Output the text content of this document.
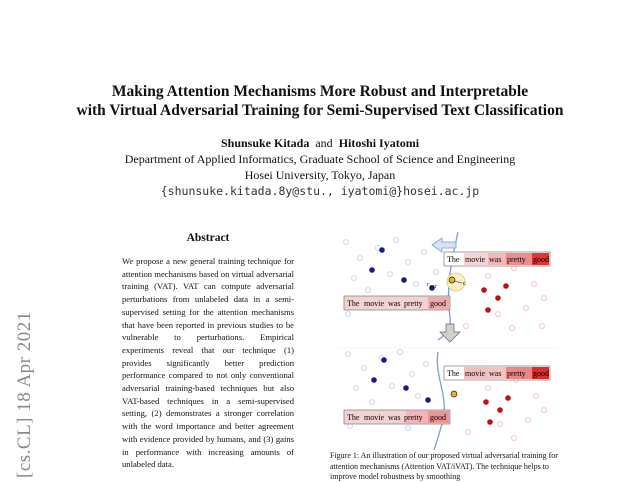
Making Attention Mechanisms More Robust and Interpretable
with Virtual Adversarial Training for Semi-Supervised Text Classification
Shunsuke Kitada and Hitoshi Iyatomi
Department of Applied Informatics, Graduate School of Science and Engineering
Hosei University, Tokyo, Japan
{shunsuke.kitada.8y@stu., iyatomi@}hosei.ac.jp
[cs.CL] 18 Apr 2021
Abstract
We propose a new general training technique for attention mechanisms based on virtual adversarial training (VAT). VAT can compute adversarial perturbations from unlabeled data in a semi-supervised setting for the attention mechanisms that have been reported in previous studies to be vulnerable to perturbations. Empirical experiments reveal that our technique (1) provides significantly better prediction performance compared to not only conventional adversarial training-based techniques but also VAT-based techniques in a semi-supervised setting, (2) demonstrates a stronger correlation with the word importance and better agreement with evidence provided by humans, and (3) gains in performance with increasing amounts of unlabeled data.
$r_{VAT}$	c
The movie was pretty good
The movie was pretty good
The movie was pretty good
The movie was pretty good
Figure 1: An illustration of our proposed virtual adversarial training for attention mechanisms (Attention VAT/iVAT). The technique helps to improve model robustness by smoothing
